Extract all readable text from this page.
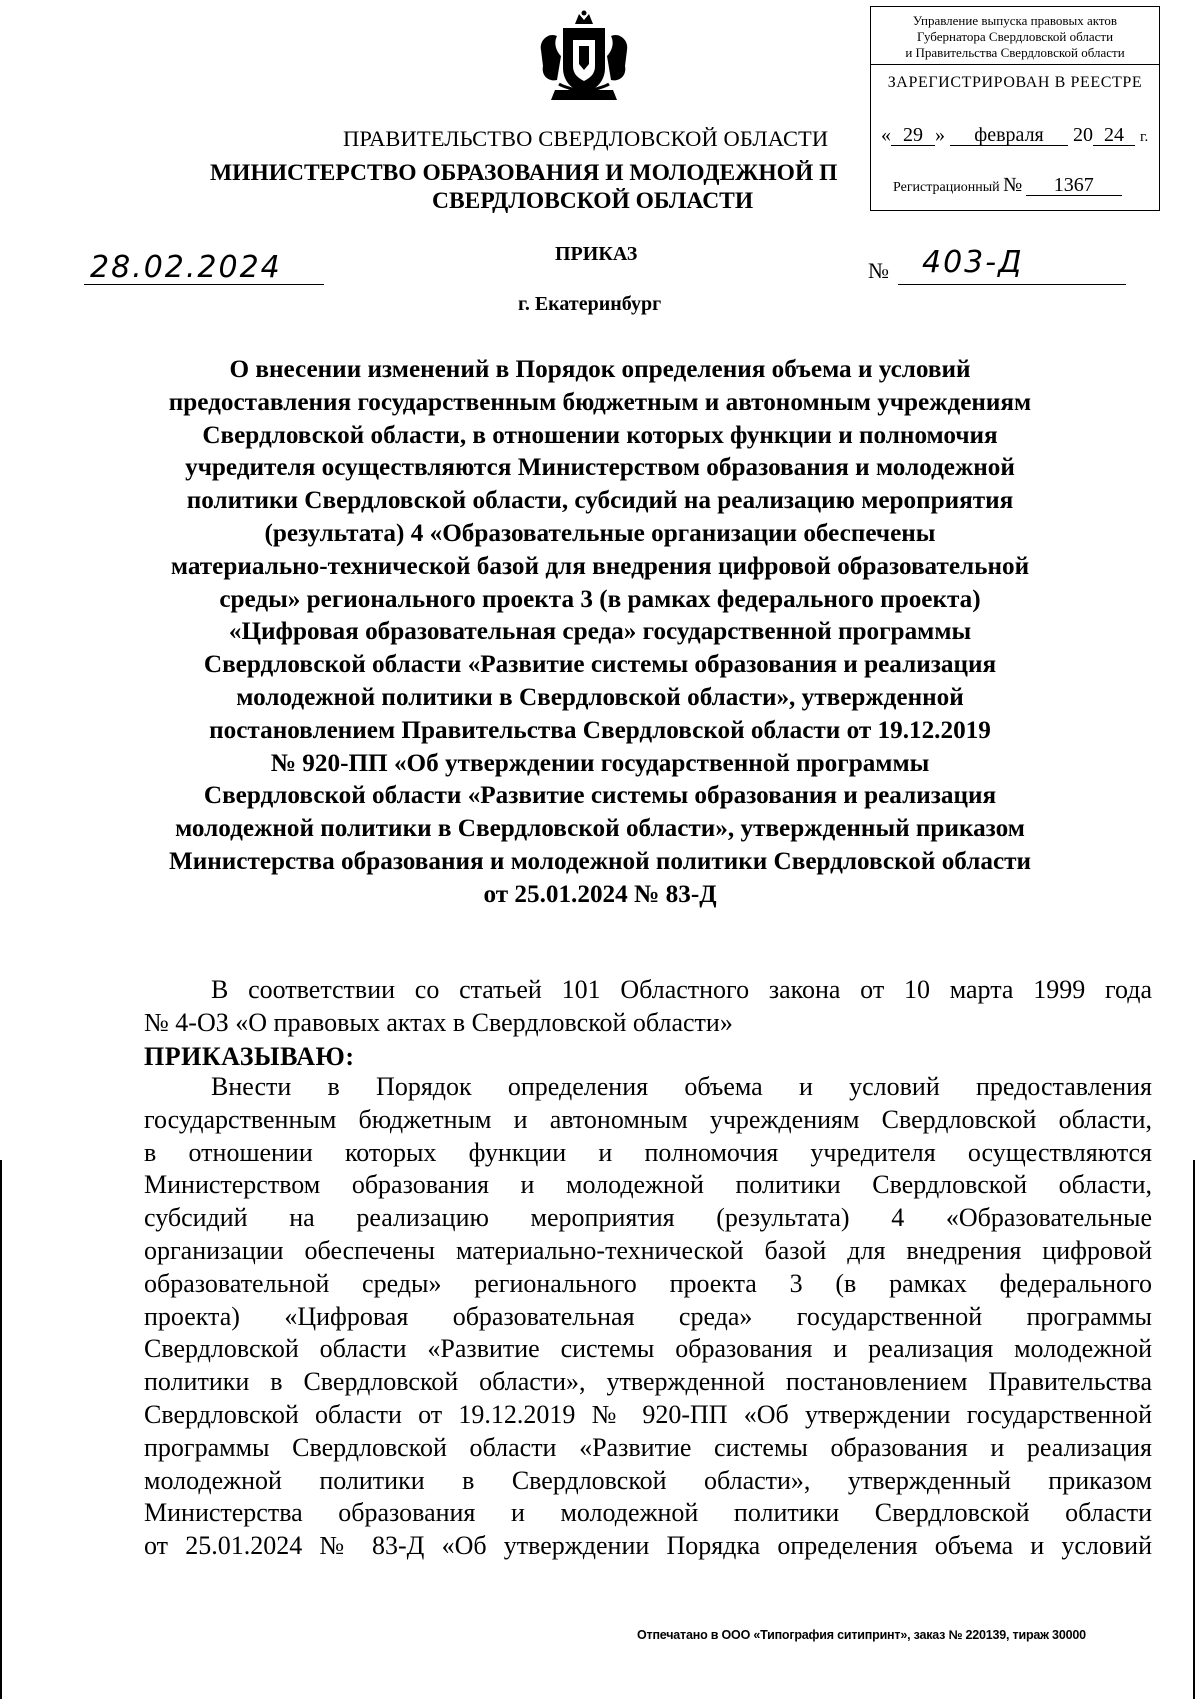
Управление выпуска правовых актов
Губернатора Свердловской области
и Правительства Свердловской области
ЗАРЕГИСТРИРОВАН В РЕЕСТРЕ
« 29 » февраля 20 24 г.
Регистрационный № 1367
ПРАВИТЕЛЬСТВО СВЕРДЛОВСКОЙ ОБЛАСТИ
МИНИСТЕРСТВО ОБРАЗОВАНИЯ И МОЛОДЕЖНОЙ П
СВЕРДЛОВСКОЙ ОБЛАСТИ
ПРИКАЗ
28.02.2024	№ 403-Д
г. Екатеринбург
О внесении изменений в Порядок определения объема и условий
предоставления государственным бюджетным и автономным учреждениям
Свердловской области, в отношении которых функции и полномочия
учредителя осуществляются Министерством образования и молодежной
политики Свердловской области, субсидий на реализацию мероприятия
(результата) 4 «Образовательные организации обеспечены
материально-технической базой для внедрения цифровой образовательной
среды» регионального проекта 3 (в рамках федерального проекта)
«Цифровая образовательная среда» государственной программы
Свердловской области «Развитие системы образования и реализация
молодежной политики в Свердловской области», утвержденной
постановлением Правительства Свердловской области от 19.12.2019
№ 920-ПП «Об утверждении государственной программы
Свердловской области «Развитие системы образования и реализация
молодежной политики в Свердловской области», утвержденный приказом
Министерства образования и молодежной политики Свердловской области
от 25.01.2024 № 83-Д
В соответствии со статьей 101 Областного закона от 10 марта 1999 года
№ 4-ОЗ «О правовых актах в Свердловской области»
ПРИКАЗЫВАЮ:
Внести в Порядок определения объема и условий предоставления
государственным бюджетным и автономным учреждениям Свердловской области,
в отношении которых функции и полномочия учредителя осуществляются
Министерством образования и молодежной политики Свердловской области,
субсидий на реализацию мероприятия (результата) 4 «Образовательные
организации обеспечены материально-технической базой для внедрения цифровой
образовательной среды» регионального проекта 3 (в рамках федерального
проекта) «Цифровая образовательная среда» государственной программы
Свердловской области «Развитие системы образования и реализация молодежной
политики в Свердловской области», утвержденной постановлением Правительства
Свердловской области от 19.12.2019 № 920-ПП «Об утверждении государственной
программы Свердловской области «Развитие системы образования и реализация
молодежной политики в Свердловской области», утвержденный приказом
Министерства образования и молодежной политики Свердловской области
от 25.01.2024 № 83-Д «Об утверждении Порядка определения объема и условий
Отпечатано в ООО «Типография ситипринт», заказ № 220139, тираж 30000
